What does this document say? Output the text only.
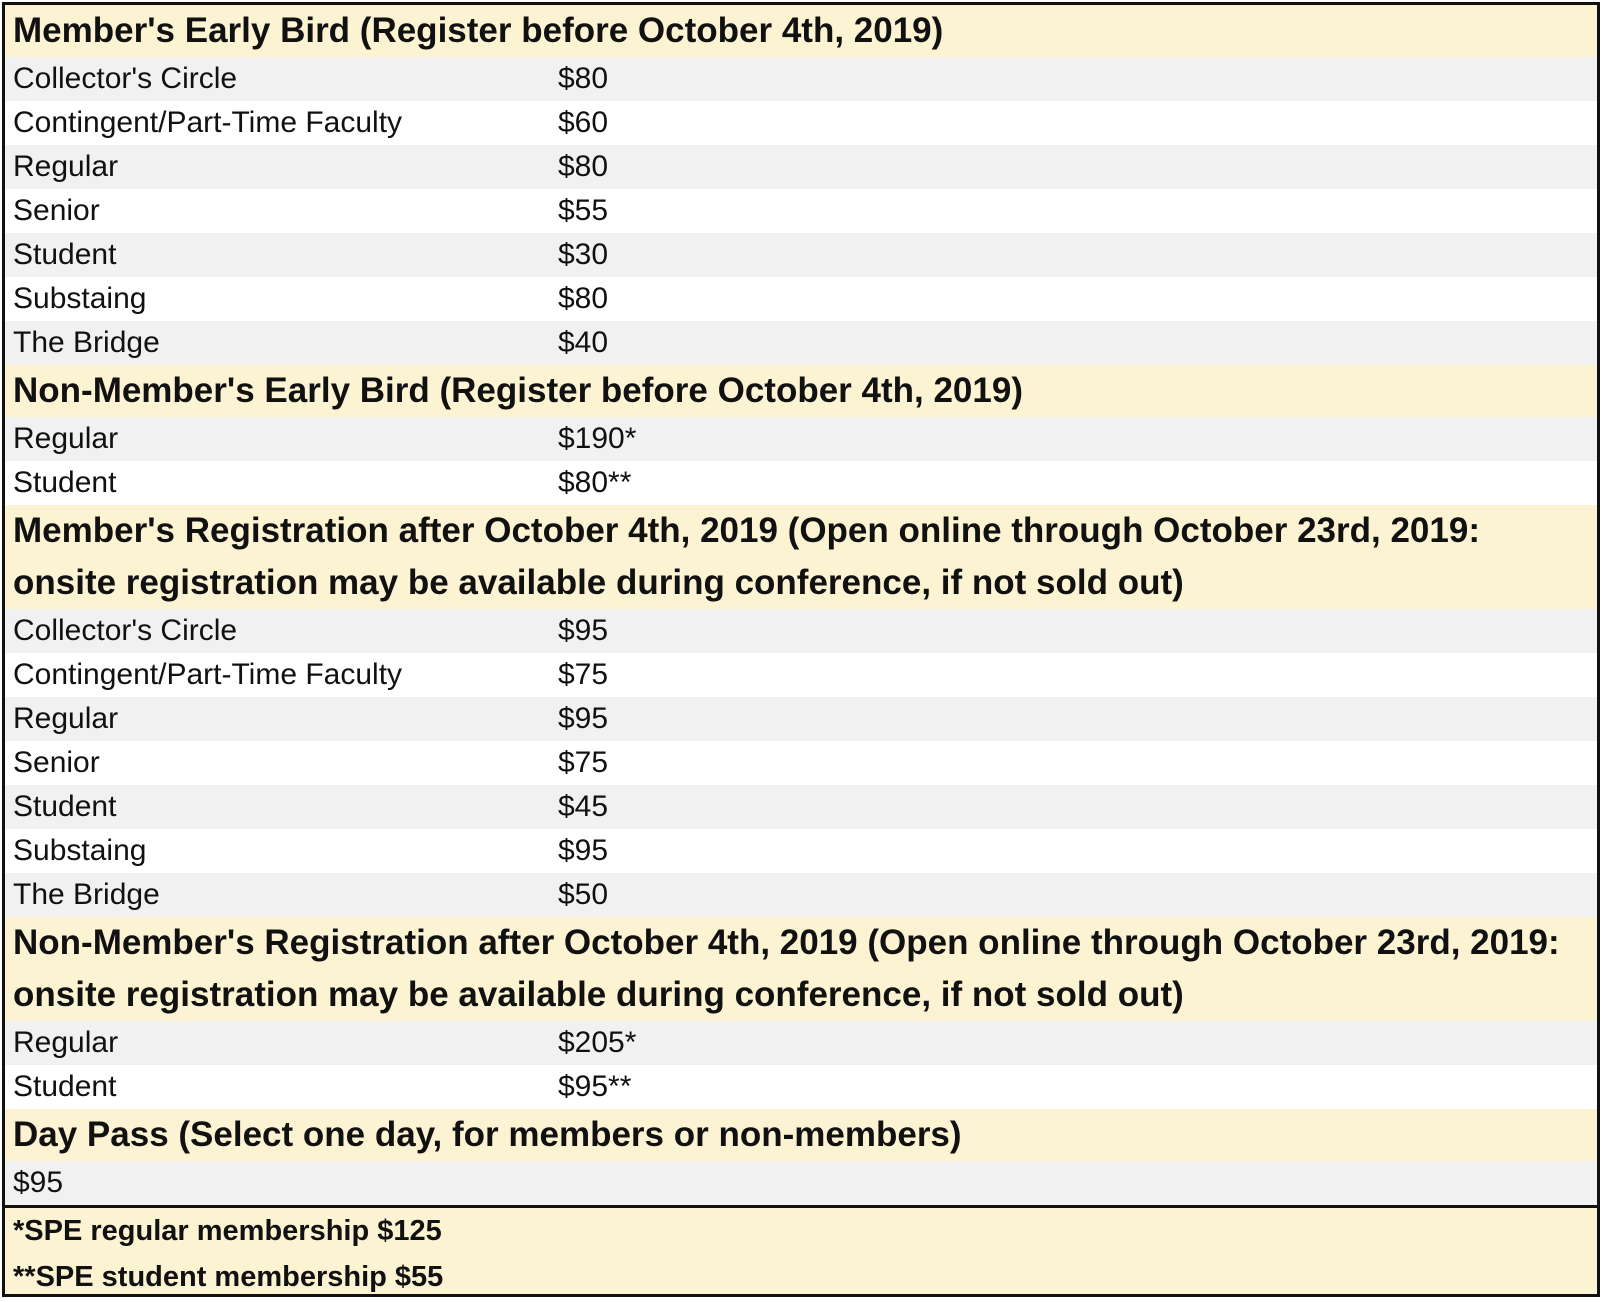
Member's Early Bird (Register before October 4th, 2019)
Collector's Circle	$80
Contingent/Part-Time Faculty	$60
Regular	$80
Senior	$55
Student	$30
Substaing	$80
The Bridge	$40
Non-Member's Early Bird (Register before October 4th, 2019)
Regular	$190*
Student	$80**
Member's Registration after October 4th, 2019 (Open online through October 23rd, 2019:
onsite registration may be available during conference, if not sold out)
Collector's Circle	$95
Contingent/Part-Time Faculty	$75
Regular	$95
Senior	$75
Student	$45
Substaing	$95
The Bridge	$50
Non-Member's Registration after October 4th, 2019 (Open online through October 23rd, 2019:
onsite registration may be available during conference, if not sold out)
Regular	$205*
Student	$95**
Day Pass (Select one day, for members or non-members)
$95
*SPE regular membership $125
**SPE student membership $55
